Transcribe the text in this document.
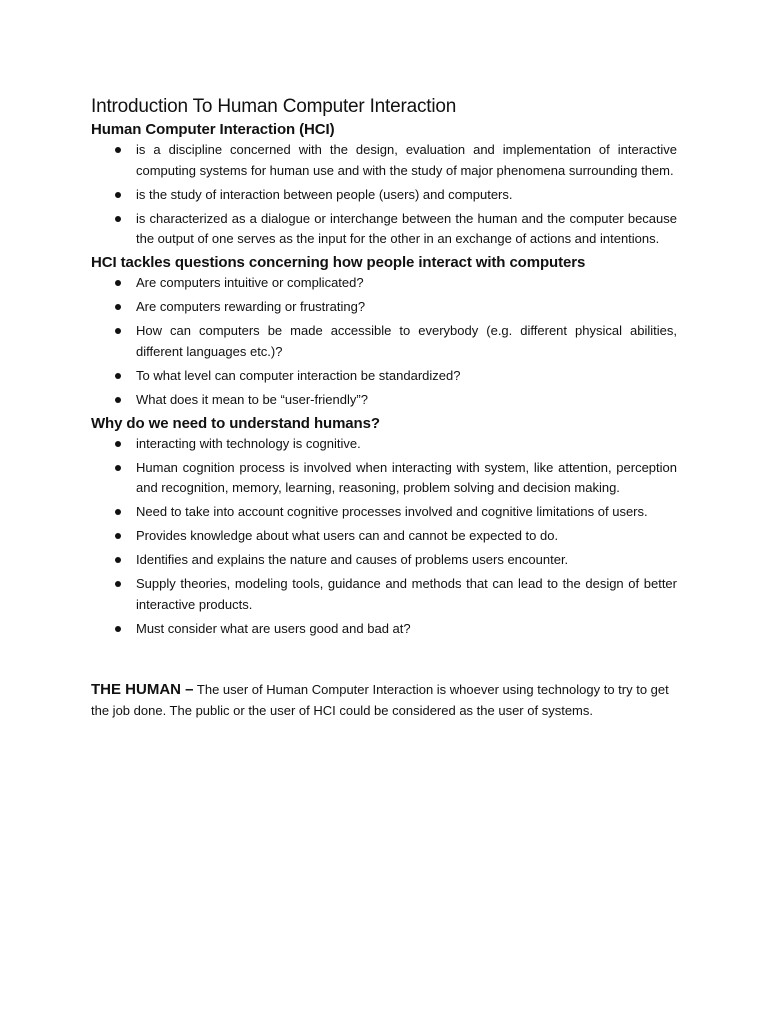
Introduction To Human Computer Interaction
Human Computer Interaction (HCI)
is a discipline concerned with the design, evaluation and implementation of interactive computing systems for human use and with the study of major phenomena surrounding them.
is the study of interaction between people (users) and computers.
is characterized as a dialogue or interchange between the human and the computer because the output of one serves as the input for the other in an exchange of actions and intentions.
HCI tackles questions concerning how people interact with computers
Are computers intuitive or complicated?
Are computers rewarding or frustrating?
How can computers be made accessible to everybody (e.g. different physical abilities, different languages etc.)?
To what level can computer interaction be standardized?
What does it mean to be “user-friendly”?
Why do we need to understand humans?
interacting with technology is cognitive.
Human cognition process is involved when interacting with system, like attention, perception and recognition, memory, learning, reasoning, problem solving and decision making.
Need to take into account cognitive processes involved and cognitive limitations of users.
Provides knowledge about what users can and cannot be expected to do.
Identifies and explains the nature and causes of problems users encounter.
Supply theories, modeling tools, guidance and methods that can lead to the design of better interactive products.
Must consider what are users good and bad at?

THE HUMAN – The user of Human Computer Interaction is whoever using technology to try to get the job done. The public or the user of HCI could be considered as the user of systems.
